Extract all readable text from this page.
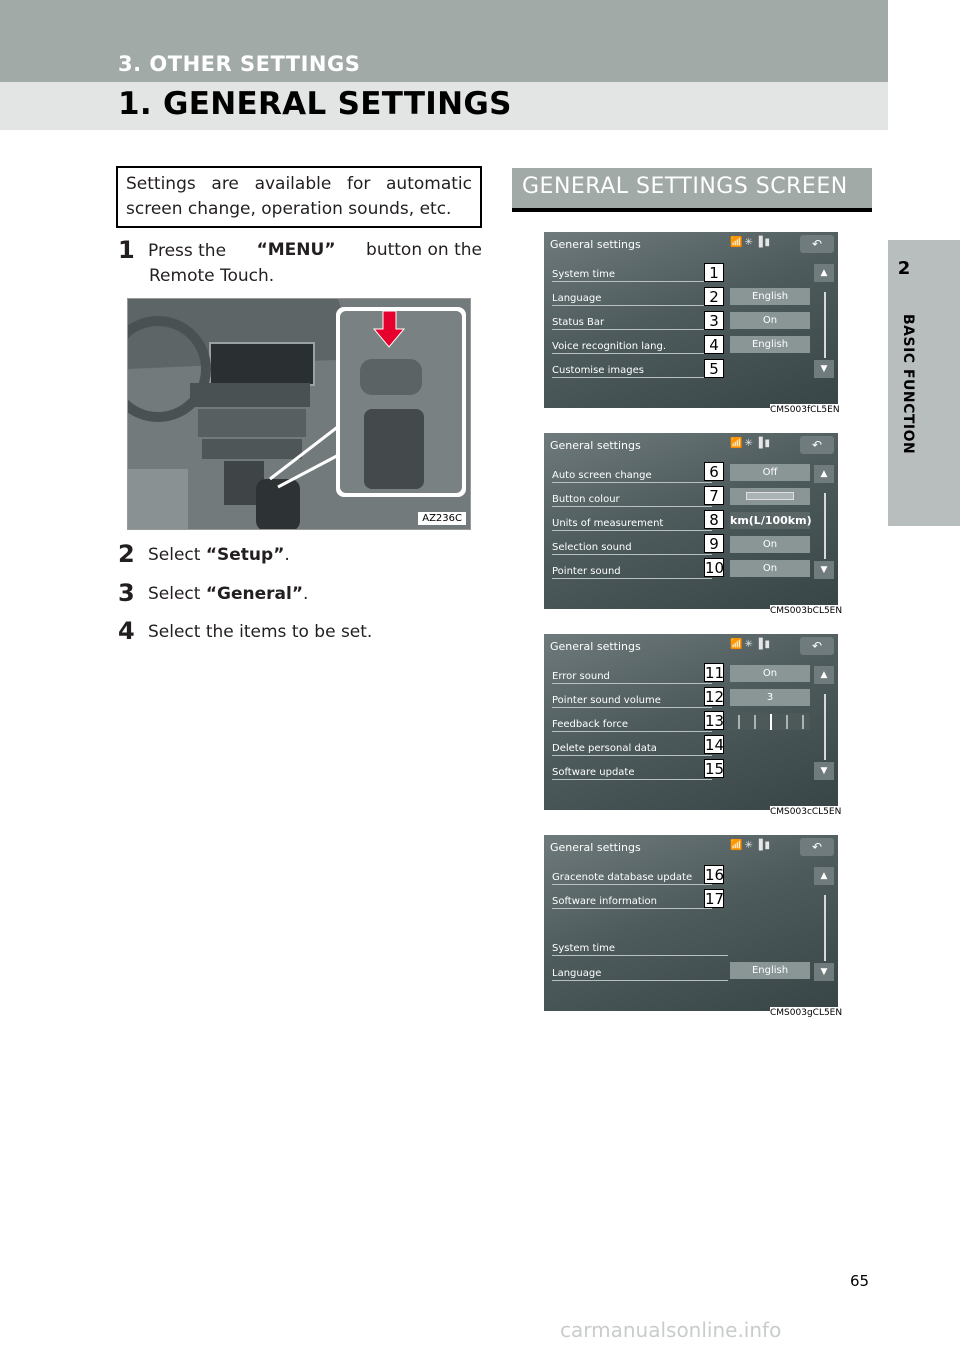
3. OTHER SETTINGS
1. GENERAL SETTINGS
2
BASIC FUNCTION
Settings are available for automatic screen change, operation sounds, etc.
1 Press the “MENU” button on the
Remote Touch.
AZ236C
2 Select “Setup”.
3 Select “General”.
4 Select the items to be set.
GENERAL SETTINGS SCREEN
General settings	📶✳▐▮	↶
System time	1
Language	2	English
Status Bar	3	On
Voice recognition lang.	4	English
Customise images	5
▲
▼
CMS003fCL5EN
General settings	📶✳▐▮	↶
Auto screen change	6	Off
Button colour	7
Units of measurement	8	km(L/100km)
Selection sound	9	On
Pointer sound	10	On
▲
▼
CMS003bCL5EN
General settings	📶✳▐▮	↶
Error sound	11	On
Pointer sound volume	12	3
Feedback force	13
Delete personal data	14
Software update	15
▲
▼
CMS003cCL5EN
General settings	📶✳▐▮	↶
Gracenote database update 16
Software information	17
System time
Language	English
▲
▼
CMS003gCL5EN
65
carmanualsonline.info
